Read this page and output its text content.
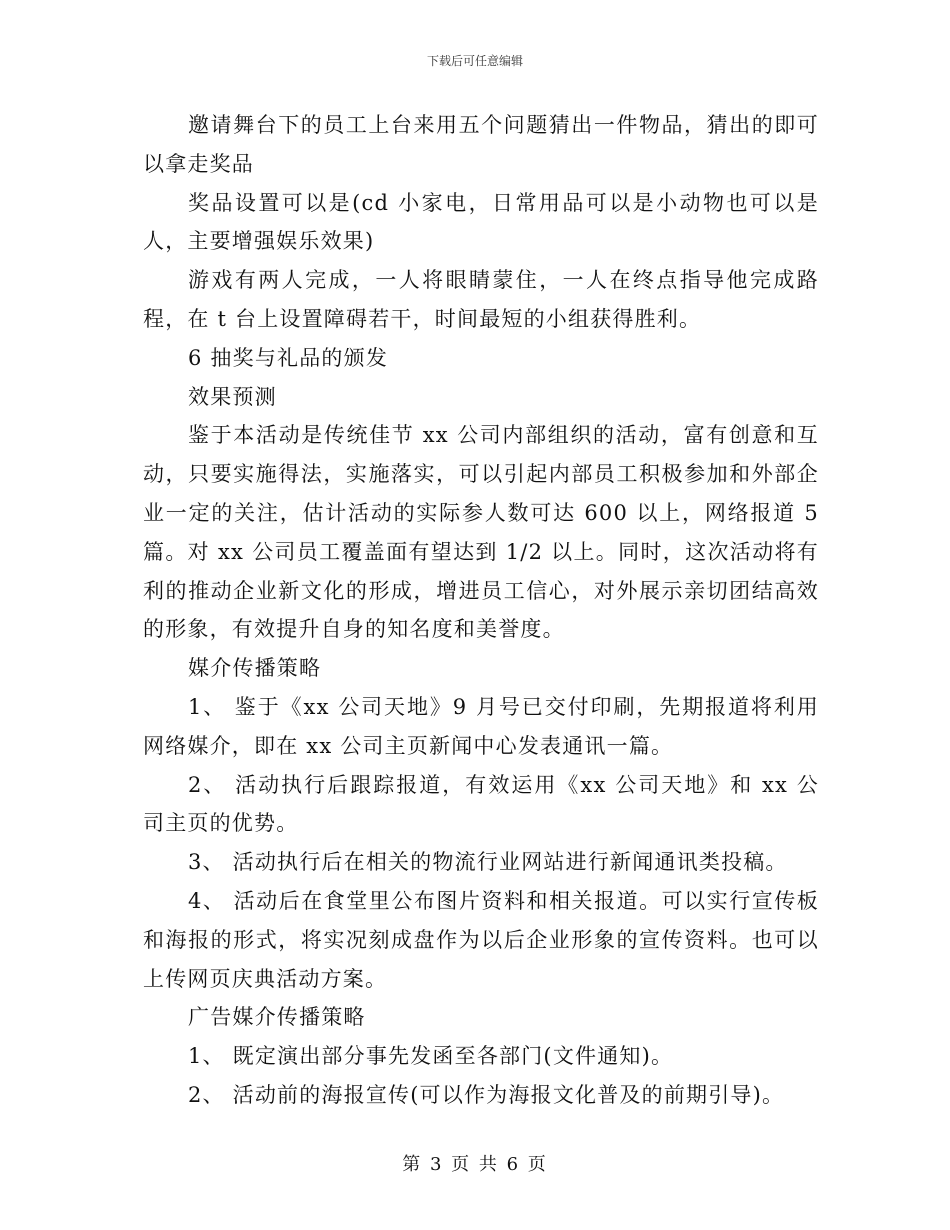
下载后可任意编辑

邀请舞台下的员工上台来用五个问题猜出一件物品，猜出的即可以拿走奖品

奖品设置可以是(cd 小家电，日常用品可以是小动物也可以是人，主要增强娱乐效果)

游戏有两人完成，一人将眼睛蒙住，一人在终点指导他完成路程，在 t 台上设置障碍若干，时间最短的小组获得胜利。

6 抽奖与礼品的颁发

效果预测

鉴于本活动是传统佳节 xx 公司内部组织的活动，富有创意和互动，只要实施得法，实施落实，可以引起内部员工积极参加和外部企业一定的关注，估计活动的实际参人数可达 600 以上，网络报道 5 篇。对 xx 公司员工覆盖面有望达到 1/2 以上。同时，这次活动将有利的推动企业新文化的形成，增进员工信心，对外展示亲切团结高效的形象，有效提升自身的知名度和美誉度。

媒介传播策略

1、 鉴于《xx 公司天地》9 月号已交付印刷，先期报道将利用网络媒介，即在 xx 公司主页新闻中心发表通讯一篇。

2、 活动执行后跟踪报道，有效运用《xx 公司天地》和 xx 公司主页的优势。

3、 活动执行后在相关的物流行业网站进行新闻通讯类投稿。

4、 活动后在食堂里公布图片资料和相关报道。可以实行宣传板和海报的形式，将实况刻成盘作为以后企业形象的宣传资料。也可以上传网页庆典活动方案。

广告媒介传播策略

1、 既定演出部分事先发函至各部门(文件通知)。

2、 活动前的海报宣传(可以作为海报文化普及的前期引导)。

第 3 页 共 6 页
